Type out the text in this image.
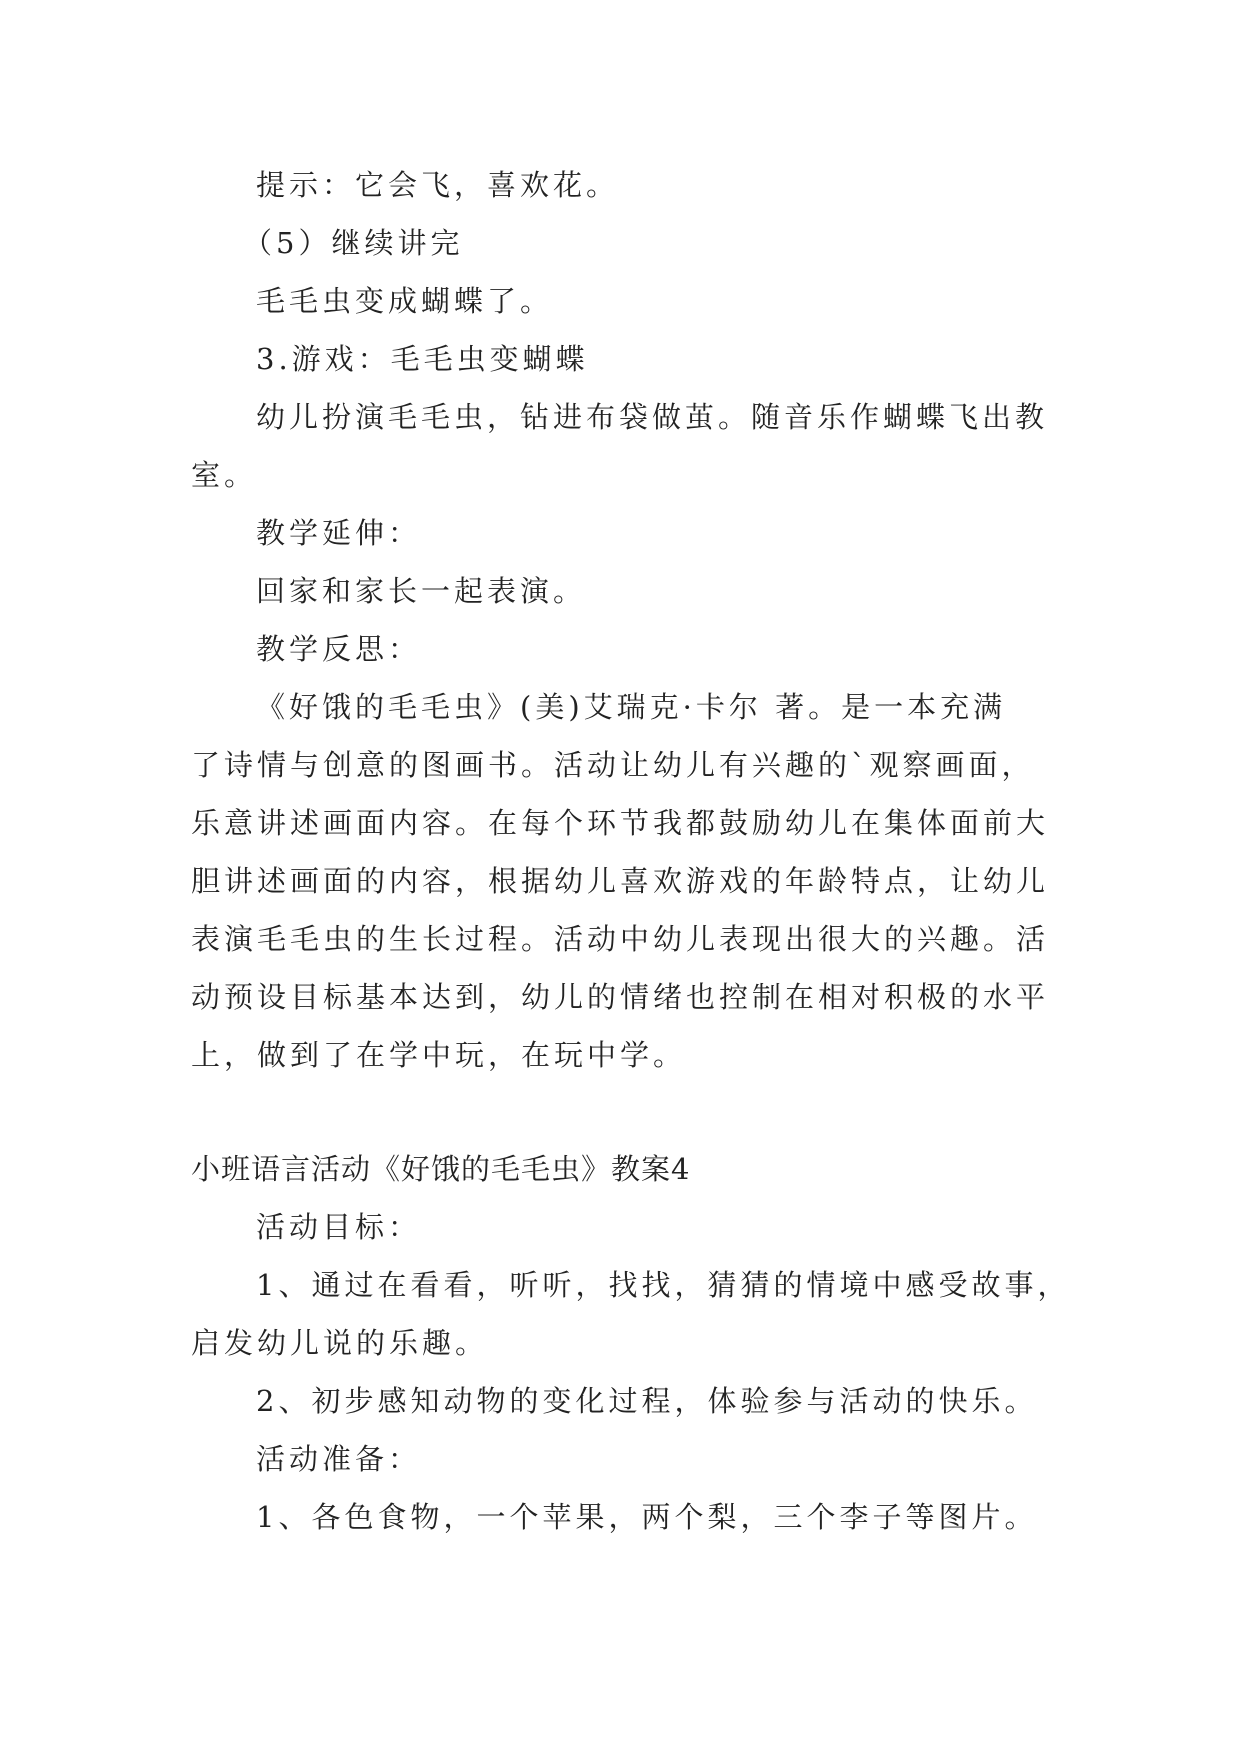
提示：它会飞，喜欢花。
（5）继续讲完
毛毛虫变成蝴蝶了。
3.游戏：毛毛虫变蝴蝶
幼儿扮演毛毛虫，钻进布袋做茧。随音乐作蝴蝶飞出教
室。
教学延伸：
回家和家长一起表演。
教学反思：
《好饿的毛毛虫》(美)艾瑞克·卡尔 著。是一本充满
了诗情与创意的图画书。活动让幼儿有兴趣的`观察画面，
乐意讲述画面内容。在每个环节我都鼓励幼儿在集体面前大
胆讲述画面的内容，根据幼儿喜欢游戏的年龄特点，让幼儿
表演毛毛虫的生长过程。活动中幼儿表现出很大的兴趣。活
动预设目标基本达到，幼儿的情绪也控制在相对积极的水平
上，做到了在学中玩，在玩中学。
小班语言活动《好饿的毛毛虫》教案4
活动目标：
1、通过在看看，听听，找找，猜猜的情境中感受故事，
启发幼儿说的乐趣。
2、初步感知动物的变化过程，体验参与活动的快乐。
活动准备：
1、各色食物，一个苹果，两个梨，三个李子等图片。
